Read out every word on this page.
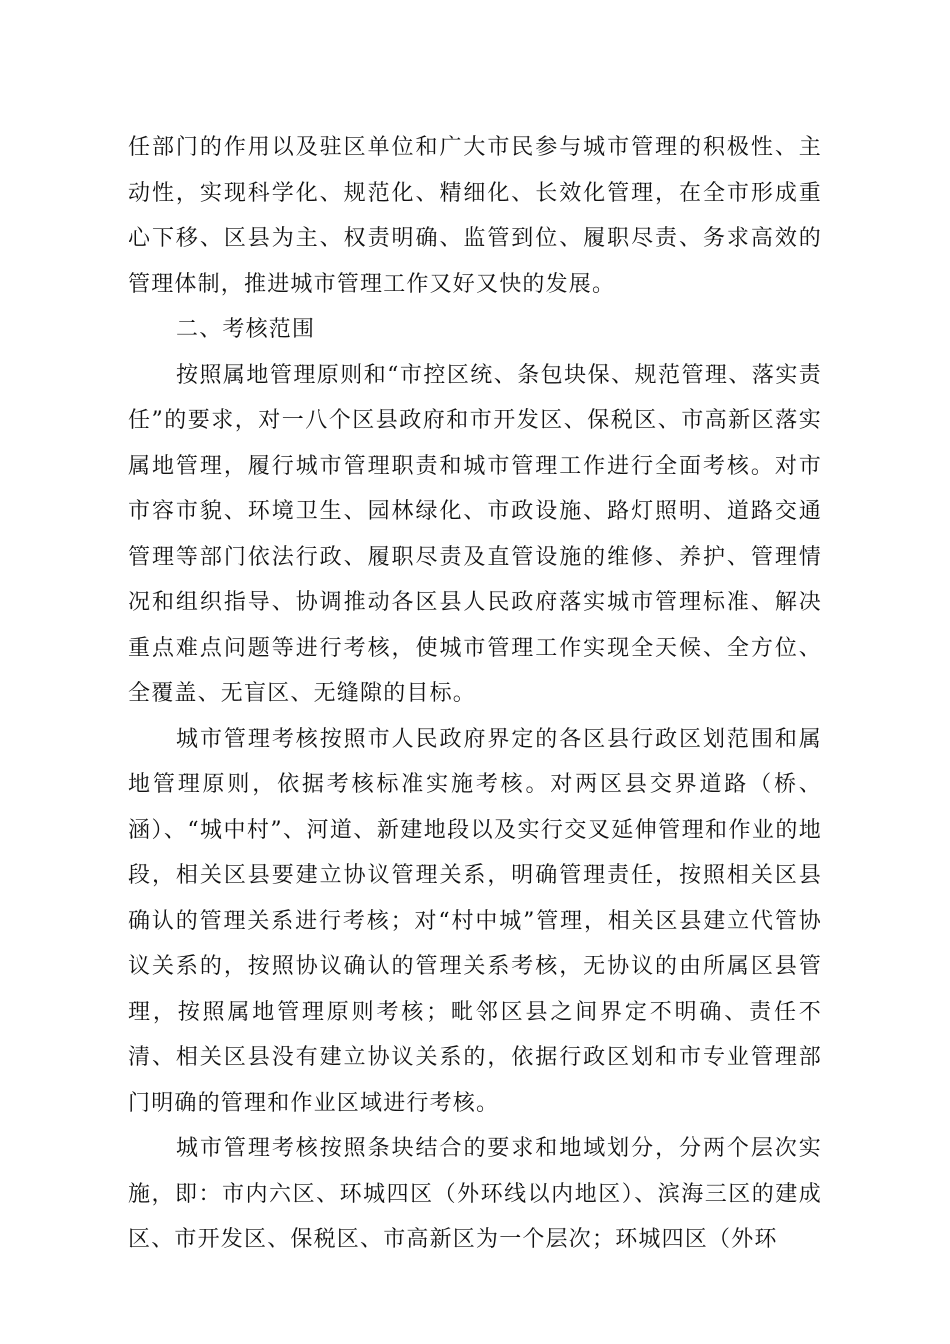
任部门的作用以及驻区单位和广大市民参与城市管理的积极性、主动性，实现科学化、规范化、精细化、长效化管理，在全市形成重心下移、区县为主、权责明确、监管到位、履职尽责、务求高效的管理体制，推进城市管理工作又好又快的发展。

二、考核范围

按照属地管理原则和“市控区统、条包块保、规范管理、落实责任”的要求，对一八个区县政府和市开发区、保税区、市高新区落实属地管理，履行城市管理职责和城市管理工作进行全面考核。对市市容市貌、环境卫生、园林绿化、市政设施、路灯照明、道路交通管理等部门依法行政、履职尽责及直管设施的维修、养护、管理情况和组织指导、协调推动各区县人民政府落实城市管理标准、解决重点难点问题等进行考核，使城市管理工作实现全天候、全方位、全覆盖、无盲区、无缝隙的目标。

城市管理考核按照市人民政府界定的各区县行政区划范围和属地管理原则，依据考核标准实施考核。对两区县交界道路（桥、涵）、“城中村”、河道、新建地段以及实行交叉延伸管理和作业的地段，相关区县要建立协议管理关系，明确管理责任，按照相关区县确认的管理关系进行考核；对“村中城”管理，相关区县建立代管协议关系的，按照协议确认的管理关系考核，无协议的由所属区县管理，按照属地管理原则考核；毗邻区县之间界定不明确、责任不清、相关区县没有建立协议关系的，依据行政区划和市专业管理部门明确的管理和作业区域进行考核。

城市管理考核按照条块结合的要求和地域划分，分两个层次实施，即：市内六区、环城四区（外环线以内地区）、滨海三区的建成区、市开发区、保税区、市高新区为一个层次；环城四区（外环
